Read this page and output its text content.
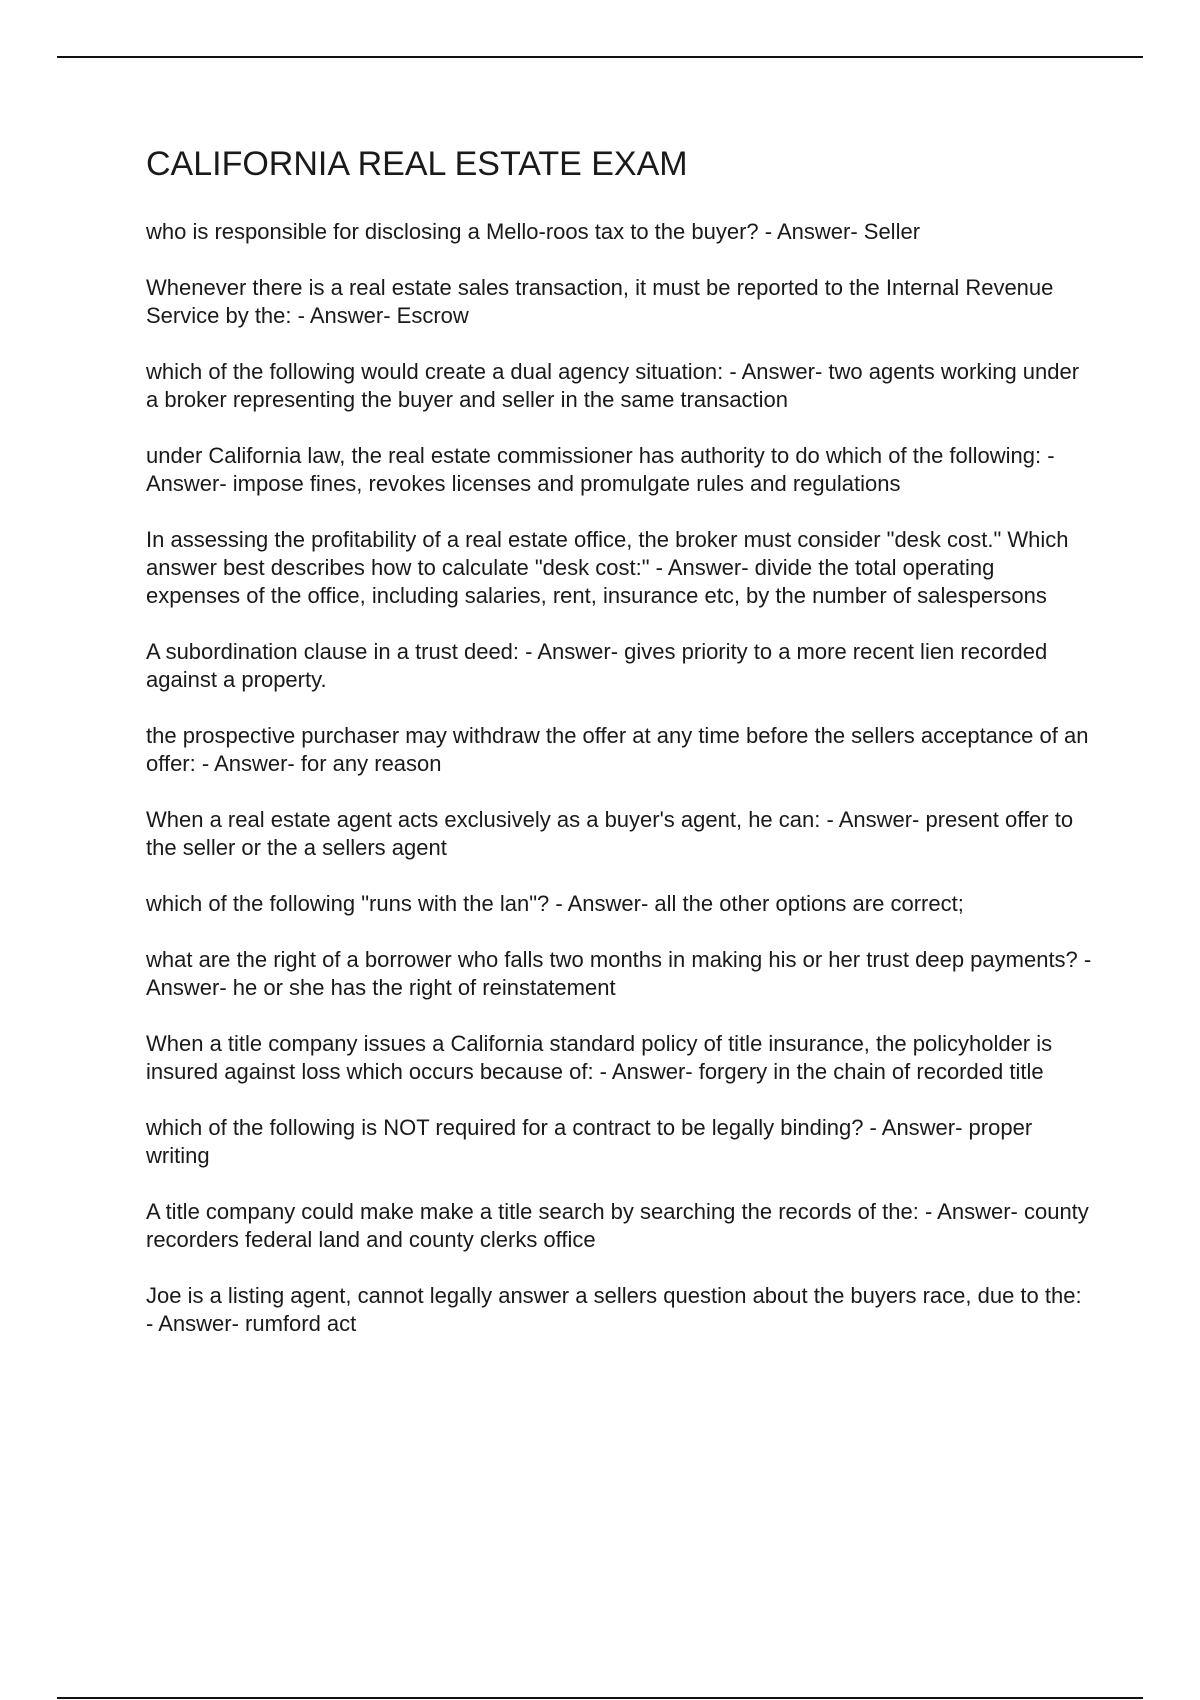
CALIFORNIA REAL ESTATE EXAM

who is responsible for disclosing a Mello-roos tax to the buyer? - Answer- Seller

Whenever there is a real estate sales transaction, it must be reported to the Internal Revenue Service by the: - Answer- Escrow

which of the following would create a dual agency situation: - Answer- two agents working under a broker representing the buyer and seller in the same transaction

under California law, the real estate commissioner has authority to do which of the following: - Answer- impose fines, revokes licenses and promulgate rules and regulations

In assessing the profitability of a real estate office, the broker must consider "desk cost." Which answer best describes how to calculate "desk cost:" - Answer- divide the total operating expenses of the office, including salaries, rent, insurance etc, by the number of salespersons

A subordination clause in a trust deed: - Answer- gives priority to a more recent lien recorded against a property.

the prospective purchaser may withdraw the offer at any time before the sellers acceptance of an offer: - Answer- for any reason

When a real estate agent acts exclusively as a buyer's agent, he can: - Answer- present offer to the seller or the a sellers agent

which of the following "runs with the lan"? - Answer- all the other options are correct;

what are the right of a borrower who falls two months in making his or her trust deep payments? - Answer- he or she has the right of reinstatement

When a title company issues a California standard policy of title insurance, the policyholder is insured against loss which occurs because of: - Answer- forgery in the chain of recorded title

which of the following is NOT required for a contract to be legally binding? - Answer- proper writing

A title company could make make a title search by searching the records of the: - Answer- county recorders federal land and county clerks office

Joe is a listing agent, cannot legally answer a sellers question about the buyers race, due to the: - Answer- rumford act
